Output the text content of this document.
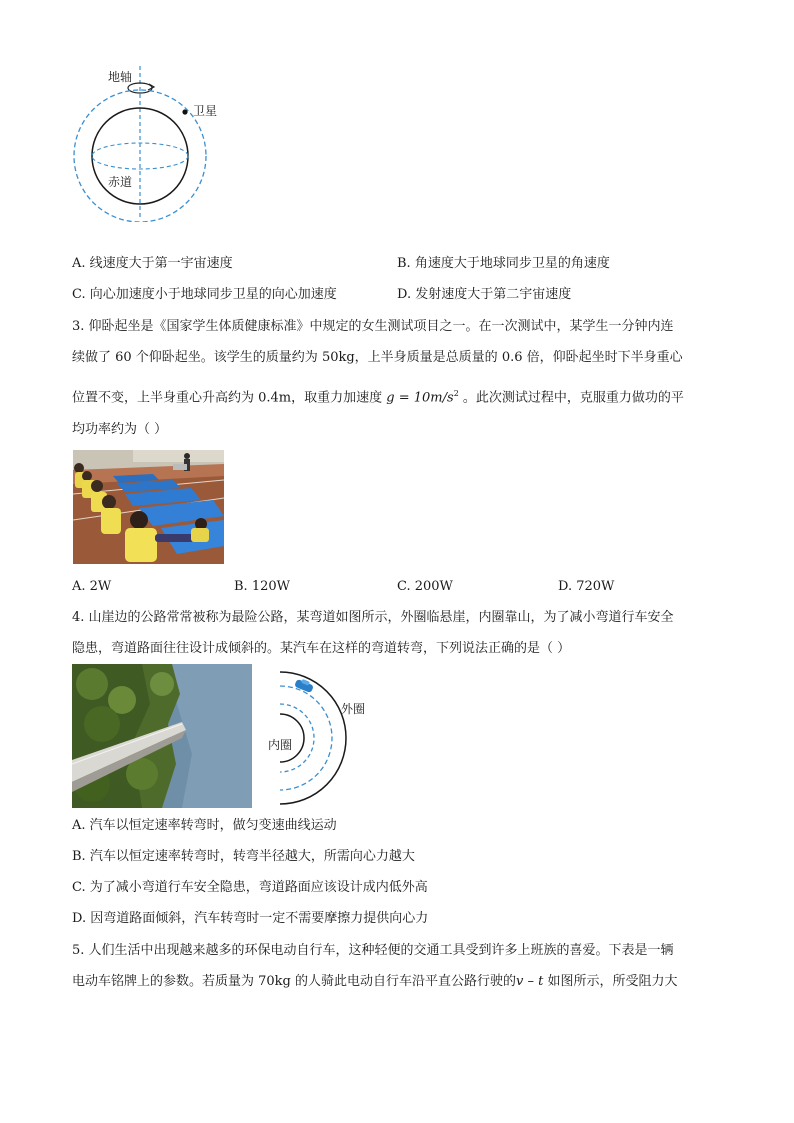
地轴
卫星
赤道
A. 线速度大于第一宇宙速度	B. 角速度大于地球同步卫星的角速度
C. 向心加速度小于地球同步卫星的向心加速度	D. 发射速度大于第二宇宙速度
3. 仰卧起坐是《国家学生体质健康标准》中规定的女生测试项目之一。在一次测试中，某学生一分钟内连
续做了 60 个仰卧起坐。该学生的质量约为 50kg，上半身质量是总质量的 0.6 倍，仰卧起坐时下半身重心
位置不变，上半身重心升高约为 0.4m，取重力加速度 $g = 10m/s^2$ 。此次测试过程中，克服重力做功的平
均功率约为（ ）
A. 2W	B. 120W	C. 200W	D. 720W
4. 山崖边的公路常常被称为最险公路，某弯道如图所示，外圈临悬崖，内圈靠山，为了减小弯道行车安全
隐患，弯道路面往往设计成倾斜的。某汽车在这样的弯道转弯，下列说法正确的是（ ）
外圈
内圈
A. 汽车以恒定速率转弯时，做匀变速曲线运动
B. 汽车以恒定速率转弯时，转弯半径越大，所需向心力越大
C. 为了减小弯道行车安全隐患，弯道路面应该设计成内低外高
D. 因弯道路面倾斜，汽车转弯时一定不需要摩擦力提供向心力
5. 人们生活中出现越来越多的环保电动自行车，这种轻便的交通工具受到许多上班族的喜爱。下表是一辆
电动车铭牌上的参数。若质量为 70kg 的人骑此电动自行车沿平直公路行驶的v – t 如图所示，所受阻力大
